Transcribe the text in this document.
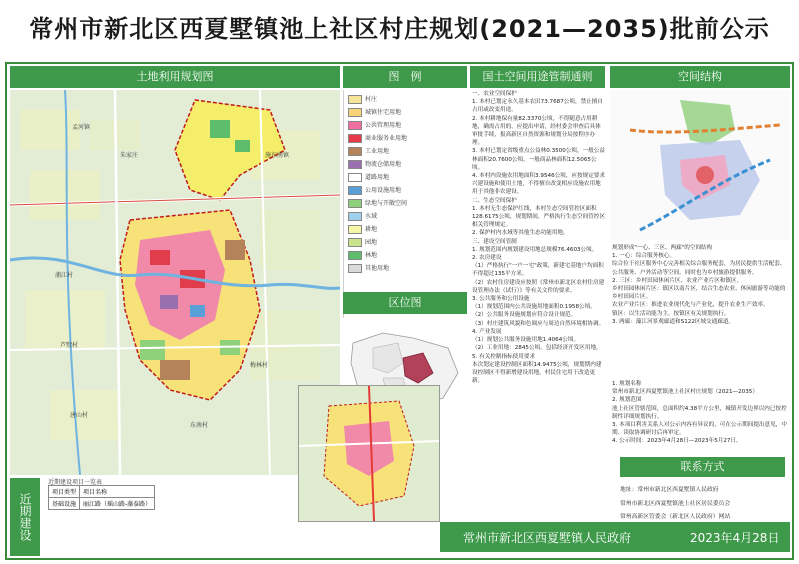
常州市新北区西夏墅镇池上社区村庄规划(2021—2035)批前公示
土地利用规划图	图　例	国土空间用途管制通则	空间结构
孟河镇
朱家庄
浦江村
梅林村
芦墅村
唐山村
东南村
施东南镇
村庄
城镇住宅用地
公共管理用地
商业服务业用地
工业用地
物流仓储用地
道路用地
公用设施用地
绿地与开敞空间
水域
耕地
园地
林地
其他用地
区位图

一、农业空间保护

1. 本村已划定永久基本农田73.7687公顷，禁止擅自占用或改变用途。

2. 本村耕地保有量82.3370公顷，不得随意占用耕地，确需占用的，应提出申请，经村委会审查后具体审批手续，报高新区自然资源和规划分局按程序办理。

3. 本村已划定省级重点公益林0.3500公顷，一般公益林面积20.7600公顷，一般商品林面积12.5065公顷。

4. 本村内设施农用地面积3.9546公顷，应按规定要求兴建设施和使用土地，不得擅自改变相应设施农用地用于其他非农建设。

二、生态空间保护

1. 本村无生态保护红线，本村生态空间管控区面积128.6175公顷，规划期间，严格执行生态空间管控区相关管理规定。

2. 保护村内水域等其他生态功能用地。

三、建设空间管制

1. 规划范围内规划建设用地总规模76.4603公顷。

2. 农房建设

（1）严格执行"一户一宅"政策，新建宅基地户均面积不得超过135平方米。

（2）农村住房建设应按照《常州市新北区农村住房建设管理办法（试行）》等有关文件的要求。

3. 公共服务和公用设施

（1）规划范围内公共设施用地面积0.1958公顷。

（2）公共服务设施规划应符合设计规范。

（3）村庄建筑风貌和色调应与周边自然环境相协调。

4. 产业发展

（1）规划公共服务设施用地1.4064公顷。

（2）工业用地：2845公顷，包括经济开发区用地。

5. 有关控制指标使用要求

本次划定建设控制区面积14.9475公顷，规划期内建设控制区不得新增建设用地，村民住宅用于改造更新。

规划形成"一心、三区、两廊"的空间结构

1. 一心：综合服务核心。

综合位于社区服务中心完善相关综合服务配套，为居民提供生活配套、公共服务、户外活动等空间，同时也为乡村旅游提供服务。

2. 三区：乡村田园休闲片区、农业产业片区和镇区。

乡村田园休闲片区：镇区以南片区，结合生态农业、休闲旅游等功能的乡村田园片区。

农业产业片区：推进农业现代化与产业化，提升农业生产效率。

镇区：以生活功能为主，按镇区有关规划执行。

3. 两廊：藻江河景观廊道和S122区域交通廊道。

1. 规划名称

常州市新北区西夏墅镇池上社区村庄规划（2021—2035）

2. 规划范围

池上社区管辖范围，总面积约4.38平方公里，城镇开发边界以内已按控制性详细规划执行。

3. 本项目利害关系人对公示内容有异议的，可在公示期间提出意见，中期、读取协调研讨后再审定。

4. 公示时间：2023年4月28日—2023年5月27日。

联系方式

地址：常州市新北区西夏墅镇人民政府

常州市新北区西夏墅镇池上社区居民委员会

常州高新区管委会（新北区人民政府）网站

近期建设
近期建设项目一览表
项目类型	项目名称
基础设施	丽江路（瑶山路-藻泰路）
常州市新北区西夏墅镇人民政府	2023年4月28日
